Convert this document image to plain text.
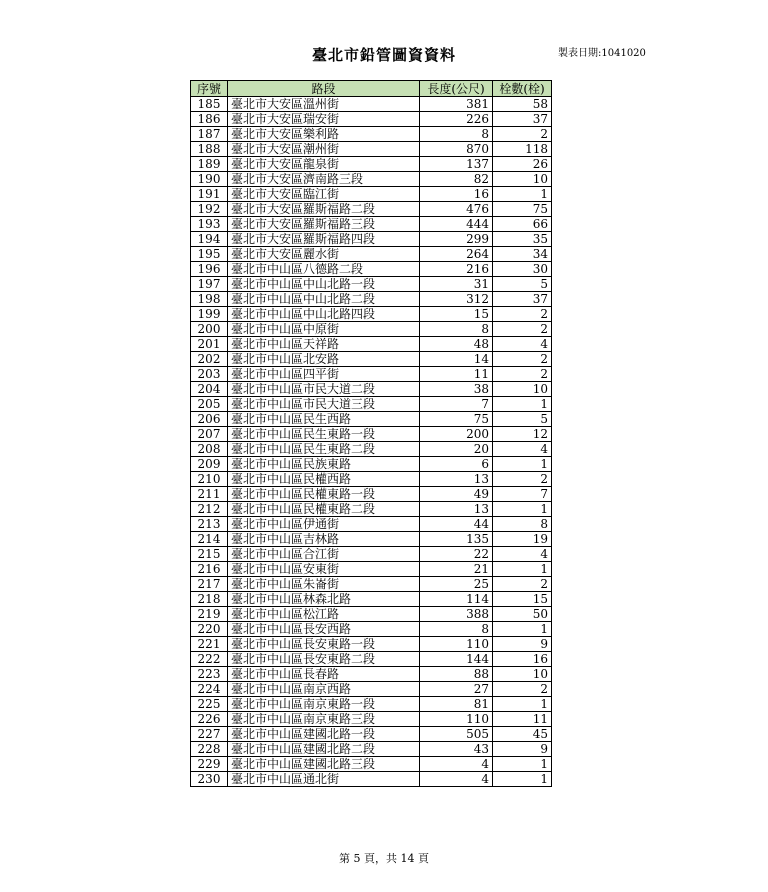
臺北市鉛管圖資資料	製表日期:1041020
序號	路段	長度(公尺)	栓數(栓)
185	臺北市大安區溫州街	381	58
186	臺北市大安區瑞安街	226	37
187	臺北市大安區樂利路	8	2
188	臺北市大安區潮州街	870	118
189	臺北市大安區龍泉街	137	26
190	臺北市大安區濟南路三段	82	10
191	臺北市大安區臨江街	16	1
192	臺北市大安區羅斯福路二段	476	75
193	臺北市大安區羅斯福路三段	444	66
194	臺北市大安區羅斯福路四段	299	35
195	臺北市大安區麗水街	264	34
196	臺北市中山區八德路二段	216	30
197	臺北市中山區中山北路一段	31	5
198	臺北市中山區中山北路二段	312	37
199	臺北市中山區中山北路四段	15	2
200	臺北市中山區中原街	8	2
201	臺北市中山區天祥路	48	4
202	臺北市中山區北安路	14	2
203	臺北市中山區四平街	11	2
204	臺北市中山區市民大道二段	38	10
205	臺北市中山區市民大道三段	7	1
206	臺北市中山區民生西路	75	5
207	臺北市中山區民生東路一段	200	12
208	臺北市中山區民生東路二段	20	4
209	臺北市中山區民族東路	6	1
210	臺北市中山區民權西路	13	2
211	臺北市中山區民權東路一段	49	7
212	臺北市中山區民權東路二段	13	1
213	臺北市中山區伊通街	44	8
214	臺北市中山區吉林路	135	19
215	臺北市中山區合江街	22	4
216	臺北市中山區安東街	21	1
217	臺北市中山區朱崙街	25	2
218	臺北市中山區林森北路	114	15
219	臺北市中山區松江路	388	50
220	臺北市中山區長安西路	8	1
221	臺北市中山區長安東路一段	110	9
222	臺北市中山區長安東路二段	144	16
223	臺北市中山區長春路	88	10
224	臺北市中山區南京西路	27	2
225	臺北市中山區南京東路一段	81	1
226	臺北市中山區南京東路三段	110	11
227	臺北市中山區建國北路一段	505	45
228	臺北市中山區建國北路二段	43	9
229	臺北市中山區建國北路三段	4	1
230	臺北市中山區通北街	4	1
第 5 頁，共 14 頁
